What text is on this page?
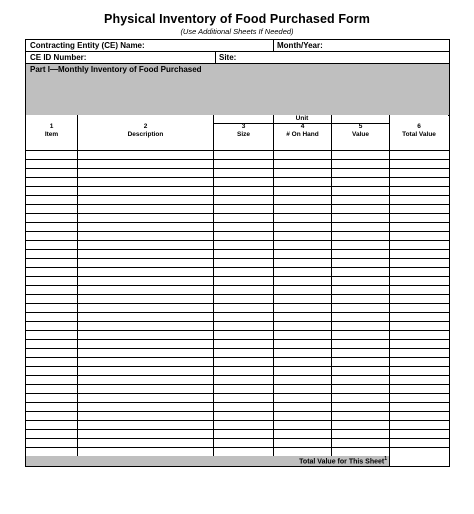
Physical Inventory of Food Purchased Form
(Use Additional Sheets If Needed)
Contracting Entity (CE) Name:	Month/Year:
CE ID Number:	Site:
Part I—Monthly Inventory of Food Purchased
1
Item
2
Description
3
Size
4
# On Hand
5
Value
6
Total Value
Unit
Total Value for This Sheet$^1$
